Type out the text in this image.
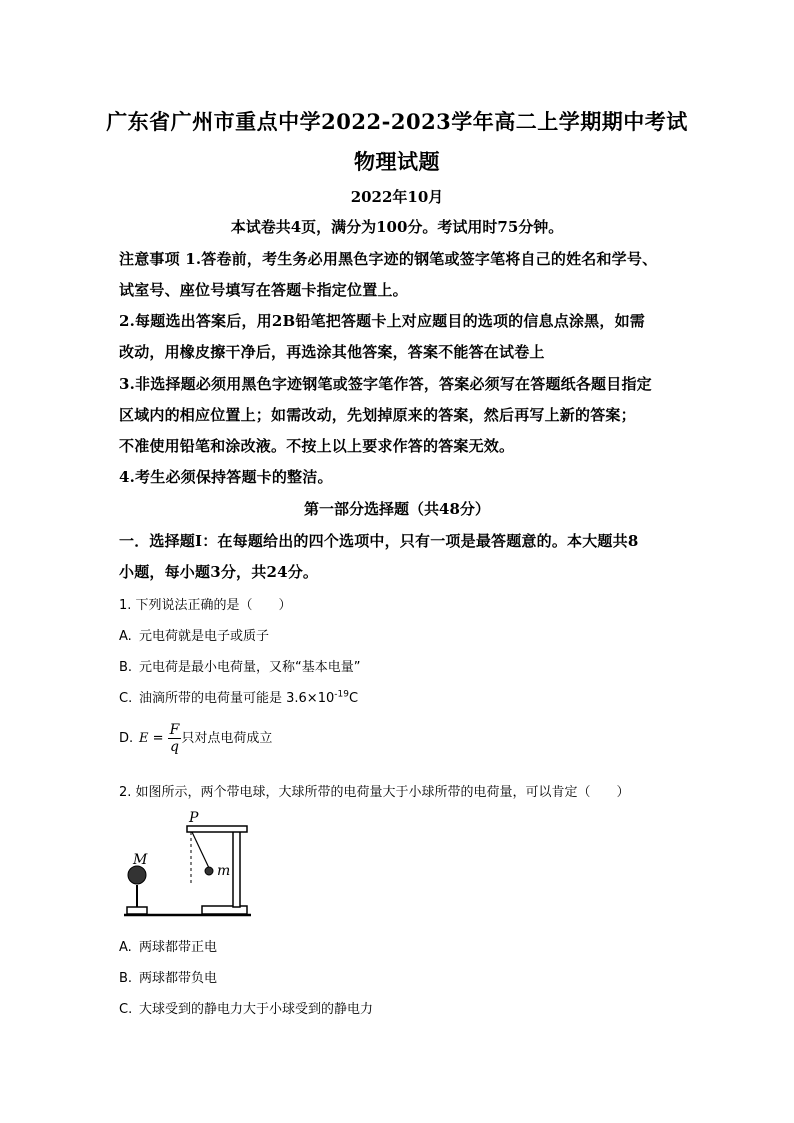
广东省广州市重点中学2022-2023学年高二上学期期中考试
物理试题
2022年10月
本试卷共4页，满分为100分。考试用时75分钟。
注意事项 1.答卷前，考生务必用黑色字迹的钢笔或签字笔将自己的姓名和学号、
试室号、座位号填写在答题卡指定位置上。
2.每题选出答案后，用2B铅笔把答题卡上对应题目的选项的信息点涂黑，如需
改动，用橡皮擦干净后，再选涂其他答案，答案不能答在试卷上
3.非选择题必须用黑色字迹钢笔或签字笔作答，答案必须写在答题纸各题目指定
区域内的相应位置上；如需改动，先划掉原来的答案，然后再写上新的答案；
不准使用铅笔和涂改液。不按上以上要求作答的答案无效。
4.考生必须保持答题卡的整洁。
第一部分选择题（共48分）
一．选择题Ⅰ：在每题给出的四个选项中，只有一项是最答题意的。本大题共8
小题，每小题3分，共24分。
1. 下列说法正确的是（　　）
A. 元电荷就是电子或质子
B. 元电荷是最小电荷量，又称“基本电量”
C. 油滴所带的电荷量可能是 $3.6\times 10^{-19}C$
D. $E = \frac{F}{q}$ 只对点电荷成立
2. 如图所示，两个带电球，大球所带的电荷量大于小球所带的电荷量，可以肯定（　　）
M
m
P
A. 两球都带正电
B. 两球都带负电
C. 大球受到的静电力大于小球受到的静电力
